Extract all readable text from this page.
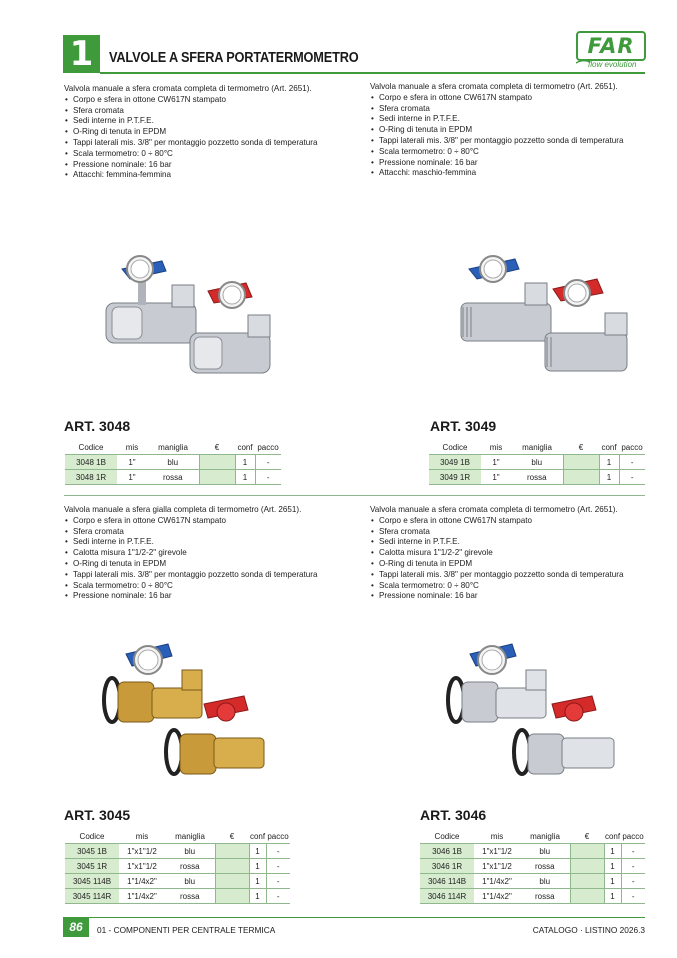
1	VALVOLE A SFERA PORTATERMOMETRO	FAR
flow evolution
Valvola manuale a sfera cromata completa di termometro (Art. 2651).
• Corpo e sfera in ottone CW617N stampato
• Sfera cromata
• Sedi interne in P.T.F.E.
• O-Ring di tenuta in EPDM
• Tappi laterali mis. 3/8" per montaggio pozzetto sonda di temperatura
• Scala termometro: 0 ÷ 80°C
• Pressione nominale: 16 bar
• Attacchi: femmina-femmina
Valvola manuale a sfera cromata completa di termometro (Art. 2651).
• Corpo e sfera in ottone CW617N stampato
• Sfera cromata
• Sedi interne in P.T.F.E.
• O-Ring di tenuta in EPDM
• Tappi laterali mis. 3/8" per montaggio pozzetto sonda di temperatura
• Scala termometro: 0 ÷ 80°C
• Pressione nominale: 16 bar
• Attacchi: maschio-femmina
ART. 3048	ART. 3049
Codice	mis	maniglia	€	conf	pacco
3048 1B	1"	blu		1	-
3048 1R	1"	rossa		1	-
Codice	mis	maniglia	€	conf	pacco
3049 1B	1"	blu		1	-
3049 1R	1"	rossa		1	-
Valvola manuale a sfera gialla completa di termometro (Art. 2651).
• Corpo e sfera in ottone CW617N stampato
• Sfera cromata
• Sedi interne in P.T.F.E.
• Calotta misura 1"1/2-2" girevole
• O-Ring di tenuta in EPDM
• Tappi laterali mis. 3/8" per montaggio pozzetto sonda di temperatura
• Scala termometro: 0 ÷ 80°C
• Pressione nominale: 16 bar
Valvola manuale a sfera cromata completa di termometro (Art. 2651).
• Corpo e sfera in ottone CW617N stampato
• Sfera cromata
• Sedi interne in P.T.F.E.
• Calotta misura 1"1/2-2" girevole
• O-Ring di tenuta in EPDM
• Tappi laterali mis. 3/8" per montaggio pozzetto sonda di temperatura
• Scala termometro: 0 ÷ 80°C
• Pressione nominale: 16 bar
ART. 3045	ART. 3046
Codice	mis	maniglia	€	conf	pacco
3045 1B	1"x1"1/2	blu		1	-
3045 1R	1"x1"1/2	rossa		1	-
3045 114B	1"1/4x2"	blu		1	-
3045 114R	1"1/4x2"	rossa		1	-
Codice	mis	maniglia	€	conf	pacco
3046 1B	1"x1"1/2	blu		1	-
3046 1R	1"x1"1/2	rossa		1	-
3046 114B	1"1/4x2"	blu		1	-
3046 114R	1"1/4x2"	rossa		1	-
86	01 - COMPONENTI PER CENTRALE TERMICA	CATALOGO · LISTINO 2026.3
